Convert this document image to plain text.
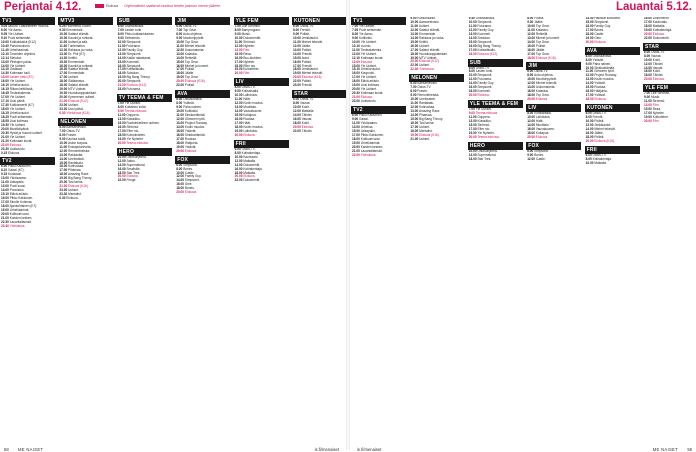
Perjantai 4.12.	Elokuva Ohjelmatiedot saattavat muuttua lehden painoon menon jälkeen.
TV1

5.05 Akuutti. Lääketieteen muutos.

6.00 Yle Aamu.

9.05 Yle Uutiset.

9.10 Puoli seitsemän.

10.00 Kotikokkailut (K12).

10.40 Pahoinvoinnin.

11.40 Urheilutarinat.

12.10 Toiveiden ohjelma.

12.14 Sietokot.

13.00 Pirkkojen paluu.

14.00 Yle Uutiset.

14.10 Oddasat.

14.30 Kotimaan tuuli.

15.00 Lasten hetki (K7).

16.00 Yle Uutiset.

16.10 Urheiluruudut.

16.15 Riikan keittiössä.

16.45 Tiedeakatemia.

17.00 Yle Uutiset.

17.10 Uusi päivä.

17.30 Kotikonsertti (K7).

18.00 Yle Uutiset.

18.15 Urheiluruudut.

18.25 Puoli seitsemän.

18.55 Uusi kotimaa.

19.30 Yle Uutiset.

20.00 Musiikkipäivä.

20.30 Hyvät ja huonot uutiset.

21.00 Yle Uutiset.

21.20 Kotimaan kuvat.

22.00 Elokuva.

23.30 Uutisvuoto.

0.15 Elokuva.

TV2

6.00 Pikku Kakkonen.

8.10 Galaxi (K7).

9.15 Kuukausi.

10.00 Ykkösaamu.

11.00 Jalkapallo.

13.00 Puoli kuusi.

14.00 Ponnistus.

15.10 Elävä arkisto.

16.00 Pikku Kakkonen.

17.00 Sinulle Kotimaa.

18.00 Ajankohtainen (K7).

19.00 Urheilutarinat.

20.00 Kulttuurivuosi.

21.00 Kahden kesken.

22.30 Lauantaitanssit.

23.40 Yöelokuva.

MTV3

6.25 Huomenta Suomi.

9.30 Emmerdale.

10.00 Salatut elämät.

10.30 Kauniit ja rohkeat.

11.00 Uutiset ja sää.

11.30 Tuntematon.

12.30 Rakkaus ja ruoka.

13.30 Dr. Phil (K7).

14.30 Keittiö.

15.30 Emmerdale.

16.00 Kauniit ja rohkeat.

16.30 Salatut elämät.

17.00 Emmerdale.

17.30 Uutiset.

18.00 Sääkanava.

18.30 Salatut elämät.

19.00 MTV Uutiset.

19.30 Huutokauppakeisari.

20.00 Kymmenen uutiset.

21.00 Elokuva (K12).

23.00 Uutiset.

23.30 Uusi päivä.

0.30 Yöelokuva (K16).

NELONEN

6.00 Aamutelevisio.

7.00 Ostos-TV.

8.00 Frasier.

9.00 Kauhea kokki.

10.00 Auton korjaus.

11.00 Ensiaputarinoita.

12.00 Remonttireiska.

13.00 Rakkautta.

14.00 Unelmakoti.

15.00 Rantakatu.

16.00 Kotiruokaa.

17.00 Pihamaa.

18.00 Amazing Race.

19.00 Big Bang Theory.

20.00 Tosi tarina.

21.00 Elokuva (K16).

23.00 Uutiset.

23.30 Mentalist.

0.30 Elokuva.

SUB

6.00 Ostoskanava.

7.00 Lasten tunti.

8.00 Pikku kultasirkkainen.

9.00 Seitsemän.

10.00 Simpsonit.

11.00 Futurama.

12.00 Family Guy.

13.00 Simpsonit.

14.00 Kaikki rakastavat.

15.00 Kummeli.

16.00 Simpsonit.

17.00 Kotiseikkailu.

18.00 Solsidan.

19.00 Big Bang Theory.

20.00 Simpsonit.

21.00 Elokuva (K12).

23.00 Futurama.

TV TEEMA & FEM

7.00 Yle Uutiset.

8.00 Kultainen kokki.

9.00 Teema-elokuva.

11.00 Ooppera.

13.00 Klassikko.

15.00 Ruotsinkielinen uutinen.

16.00 Strömsö.

17.00 Efter nio.

18.00 Kulturkvarten.

19.00 Yle Nyheter.

20.00 Teema-elokuva.

HERO

10.00 Ostosohjelma.

12.00 Jakso.

14.00 Supernatural.

16.00 Smallville.

18.00 Star Trek.

20.00 Elokuva.

22.00 Fringe.

JIM

6.00 Ostos-TV.

7.00 Top Gear.

8.00 Auto-ohjelma.

9.00 Moottoripyörät.

10.00 Top Gear.

11.00 Miehet tekevät.

12.00 Uskomatonta.

13.00 Kalastus.

14.00 Retkellä.

15.00 Top Gear.

16.00 Miehet ja koneet.

17.00 Poliisit.

18.00 Jäätie.

19.00 Top Gear.

20.00 Elokuva (K16).

22.00 Poliisit.

AVA

6.00 Ostoskanava.

8.00 Ystävät.

9.00 Paha nainen.

10.00 Kotikokki.

11.00 Sinkkuelämää.

12.00 Gilmoren tytöt.

13.00 Project Runway.

14.00 Kodin muutos.

15.00 Ystävät.

16.00 Sinkkuelämää.

17.00 Ruokaa.

18.00 Hääjuhla.

19.00 Ystävät.

20.00 Elokuva.

FOX

6.00 Simpsonit.

8.00 Bones.

10.00 Castle.

12.00 Family Guy.

14.00 Simpsonit.

16.00 Glee.

18.00 Bones.

20.00 Elokuva.

YLE FEM

7.00 Lille Strömsö.

8.00 Barnprogram.

9.00 Musik.

10.00 Dokumentär.

11.00 Strömsö.

12.00 Nyheter.

13.00 Film.

15.00 Resa.

16.00 Buu-klubben.

17.00 Nyheter.

18.00 Efter nio.

19.00 Kulturfeber.

20.00 Film.

LIV

8.00 Ostos-TV.

9.00 Kotisairaala.

10.00 Laihdutus.

11.00 Häät.

12.00 Kodin muutos.

13.00 Muotitalo.

14.00 Vauvakuume.

15.00 Kotiapua.

16.00 Ruokaa.

17.00 Häät.

18.00 Kodin muutos.

19.00 Laihdutus.

20.00 Elokuva.

FRII

6.00 Ostos-TV.

8.00 Kotirakentaja.

10.00 Kauhutalo.

12.00 Matkalla.

14.00 Dokumentti.

16.00 Kotirakentaja.

18.00 Matkalla.

20.00 Elokuva.

22.00 Dokumentti.

KUTONEN

6.00 Ostos-TV.

8.00 Frendit.

9.00 Poliisit.

10.00 Jenkkiautot.

11.00 Miehet tekevät.

12.00 Jäätie.

13.00 Poliisit.

14.00 Frendit.

15.00 Autot.

16.00 Poliisit.

17.00 Frendit.

18.00 Jenkkiautot.

19.00 Miehet tekevät.

20.00 Elokuva (K16).

22.00 Poliisit.

23.00 Frendit.

STAR

6.00 Ostos-TV.

8.00 Vauvat.

10.00 Kokit.

12.00 Matkalla.

14.00 Tähdet.

16.00 Vauvat.

18.00 Kokit.

20.00 Elokuva.

22.00 Tähdet.

58 ME NAISET	is.fi/menaiset
Lauantai 5.12.
TV1

7.00 Yle Uutiset.

7.05 Puoli seitsemän.

8.00 Yle Aamu.

9.00 Kotikokki.

10.00 Yle Uutiset.

10.10 Luonto.

11.00 Tiedeakatemia.

12.00 Yle Uutiset.

12.10 Kotimaan kuvat.

13.00 Elokuva.

15.00 Yle Uutiset.

15.10 Urheiluruudut.

16.00 Kaupunki.

17.00 Yle Uutiset.

18.00 Elävä arkisto.

19.00 Uusi kotimaa.

20.00 Yle Uutiset.

20.30 Kotimaan kuvat.

21.00 Elokuva.

23.00 Uutisvuoto.

TV2

6.00 Pikku Kakkonen.

9.00 Galaxi.

11.00 Ykkösaamu.

13.00 Urheilua.

15.00 Jalkapallo.

17.00 Pikku Kakkonen.

18.00 Kulttuurivuosi.

19.00 Urheilutarinat.

20.00 Kahden kesken.

21.00 Lauantaitanssit.

22.00 Yöelokuva.

9.00 Kotikokkailut.

10.00 Aamutelevisio.

11.00 Uutiset.

12.00 Salatut elämät.

13.00 Emmerdale.

14.00 Rakkaus ja ruoka.

15.00 Keittiö.

16.00 Uutiset.

17.00 Salatut elämät.

18.00 Huutokauppakeisari.

19.00 MTV Uutiset.

20.00 Elokuva (K12).

22.00 Uutiset.

22.30 Yöelokuva.

NELONEN

6.00 Aamutelevisio.

7.00 Ostos-TV.

8.00 Frasier.

9.00 Remonttireiska.

10.00 Unelmakoti.

11.00 Rantakatu.

12.00 Kotiruokaa.

13.00 Amazing Race.

14.00 Pihamaa.

15.00 Big Bang Theory.

16.00 Tosi tarina.

17.00 Uutiset.

18.00 Mentalist.

19.00 Elokuva (K16).

21.00 Uutiset.

9.40 Ostoskanava.

10.00 Simpsonit.

11.00 Futurama.

12.00 Family Guy.

13.00 Kummeli.

14.00 Solsidan.

15.00 Simpsonit.

16.00 Big Bang Theory.

17.00 Kotiseikkailu.

18.00 Elokuva (K12).

SUB

6.00 Ostos-TV.

8.00 Lasten tunti.

10.00 Simpsonit.

12.00 Futurama.

14.00 Family Guy.

16.00 Simpsonit.

18.00 Kummeli.

20.00 Elokuva.

YLE TEEMA & FEM

7.00 Yle Uutiset.

9.00 Teema-elokuva.

11.00 Ooppera.

13.00 Klassikko.

15.00 Strömsö.

17.00 Efter nio.

19.00 Yle Nyheter.

20.00 Teema-elokuva.

HERO

10.00 Ostosohjelma.

14.00 Supernatural.

18.00 Star Trek.

8.00 Poliisit.

9.00 Jäätie.

10.00 Top Gear.

11.00 Kalastus.

12.00 Retkellä.

13.00 Miehet ja koneet.

14.00 Top Gear.

15.00 Poliisit.

16.00 Jäätie.

17.00 Top Gear.

18.00 Elokuva (K16).

JIM

6.00 Ostos-TV.

8.00 Auto-ohjelma.

10.00 Moottoripyörät.

12.00 Miehet tekevät.

14.00 Uskomatonta.

16.00 Kalastus.

18.00 Top Gear.

20.00 Elokuva.

LIV

8.00 Kotisairaala.

10.00 Laihdutus.

12.00 Häät.

14.00 Muotitalo.

16.00 Vauvakuume.

18.00 Kotiapua.

20.00 Elokuva.

FOX

6.00 Simpsonit.

9.00 Bones.

12.00 Castle.

14.40 Hauskat kotivideot.

15.00 Simpsonit.

16.00 Family Guy.

17.00 Bones.

18.00 Castle.

19.00 Glee.

20.00 Elokuva.

AVA

6.00 Ostoskanava.

8.00 Ystävät.

9.00 Paha nainen.

10.00 Sinkkuelämää.

11.00 Gilmoren tytöt.

12.00 Project Runway.

13.00 Kodin muutos.

14.00 Ystävät.

15.00 Ruokaa.

16.00 Hääjuhla.

17.00 Ystävät.

18.00 Elokuva.

KUTONEN

6.00 Ostos-TV.

8.00 Frendit.

10.00 Poliisit.

12.00 Jenkkiautot.

14.00 Miehet tekevät.

16.00 Jäätie.

18.00 Poliisit.

20.00 Elokuva (K16).

FRII

6.00 Ostos-TV.

8.00 Kotirakentaja.

10.00 Matkalla.

16.00 Dokumentti.

17.00 Kauhutalo.

18.00 Matkalla.

19.00 Kotirakentaja.

20.00 Elokuva.

22.00 Dokumentti.

STAR

6.00 Ostos-TV.

8.00 Vauvat.

10.00 Kokit.

12.00 Tähdet.

14.00 Vauvat.

16.00 Kokit.

18.00 Tähdet.

20.00 Elokuva.

YLE FEM

7.00 Lille Strömsö.

9.00 Musik.

11.00 Strömsö.

13.00 Film.

15.00 Resa.

17.00 Nyheter.

19.00 Kulturfeber.

20.00 Film.

is.fi/menaiset	ME NAISET 59
